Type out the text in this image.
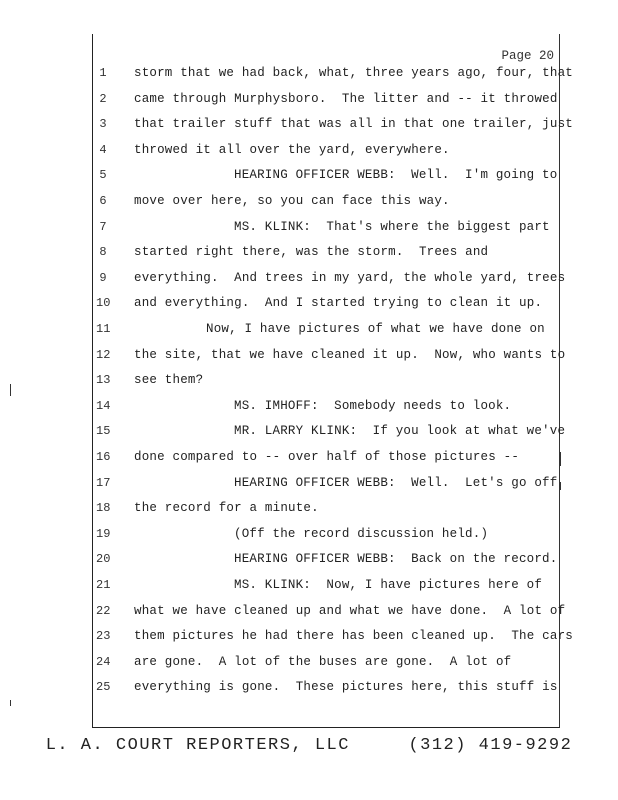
Page 20
1 storm that we had back, what, three years ago, four, that
2 came through Murphysboro.  The litter and -- it throwed
3 that trailer stuff that was all in that one trailer, just
4 throwed it all over the yard, everywhere.
5	HEARING OFFICER WEBB:  Well.  I'm going to
6 move over here, so you can face this way.
7	MS. KLINK:  That's where the biggest part
8 started right there, was the storm.  Trees and
9 everything.  And trees in my yard, the whole yard, trees
10 and everything.  And I started trying to clean it up.
11	Now, I have pictures of what we have done on
12 the site, that we have cleaned it up.  Now, who wants to
13 see them?
14	MS. IMHOFF:  Somebody needs to look.
15	MR. LARRY KLINK:  If you look at what we've
16 done compared to -- over half of those pictures --
17	HEARING OFFICER WEBB:  Well.  Let's go off
18 the record for a minute.
19	(Off the record discussion held.)
20	HEARING OFFICER WEBB:  Back on the record.
21	MS. KLINK:  Now, I have pictures here of
22 what we have cleaned up and what we have done.  A lot of
23 them pictures he had there has been cleaned up.  The cars
24 are gone.  A lot of the buses are gone.  A lot of
25 everything is gone.  These pictures here, this stuff is
L. A. COURT REPORTERS, LLC     (312) 419-9292
